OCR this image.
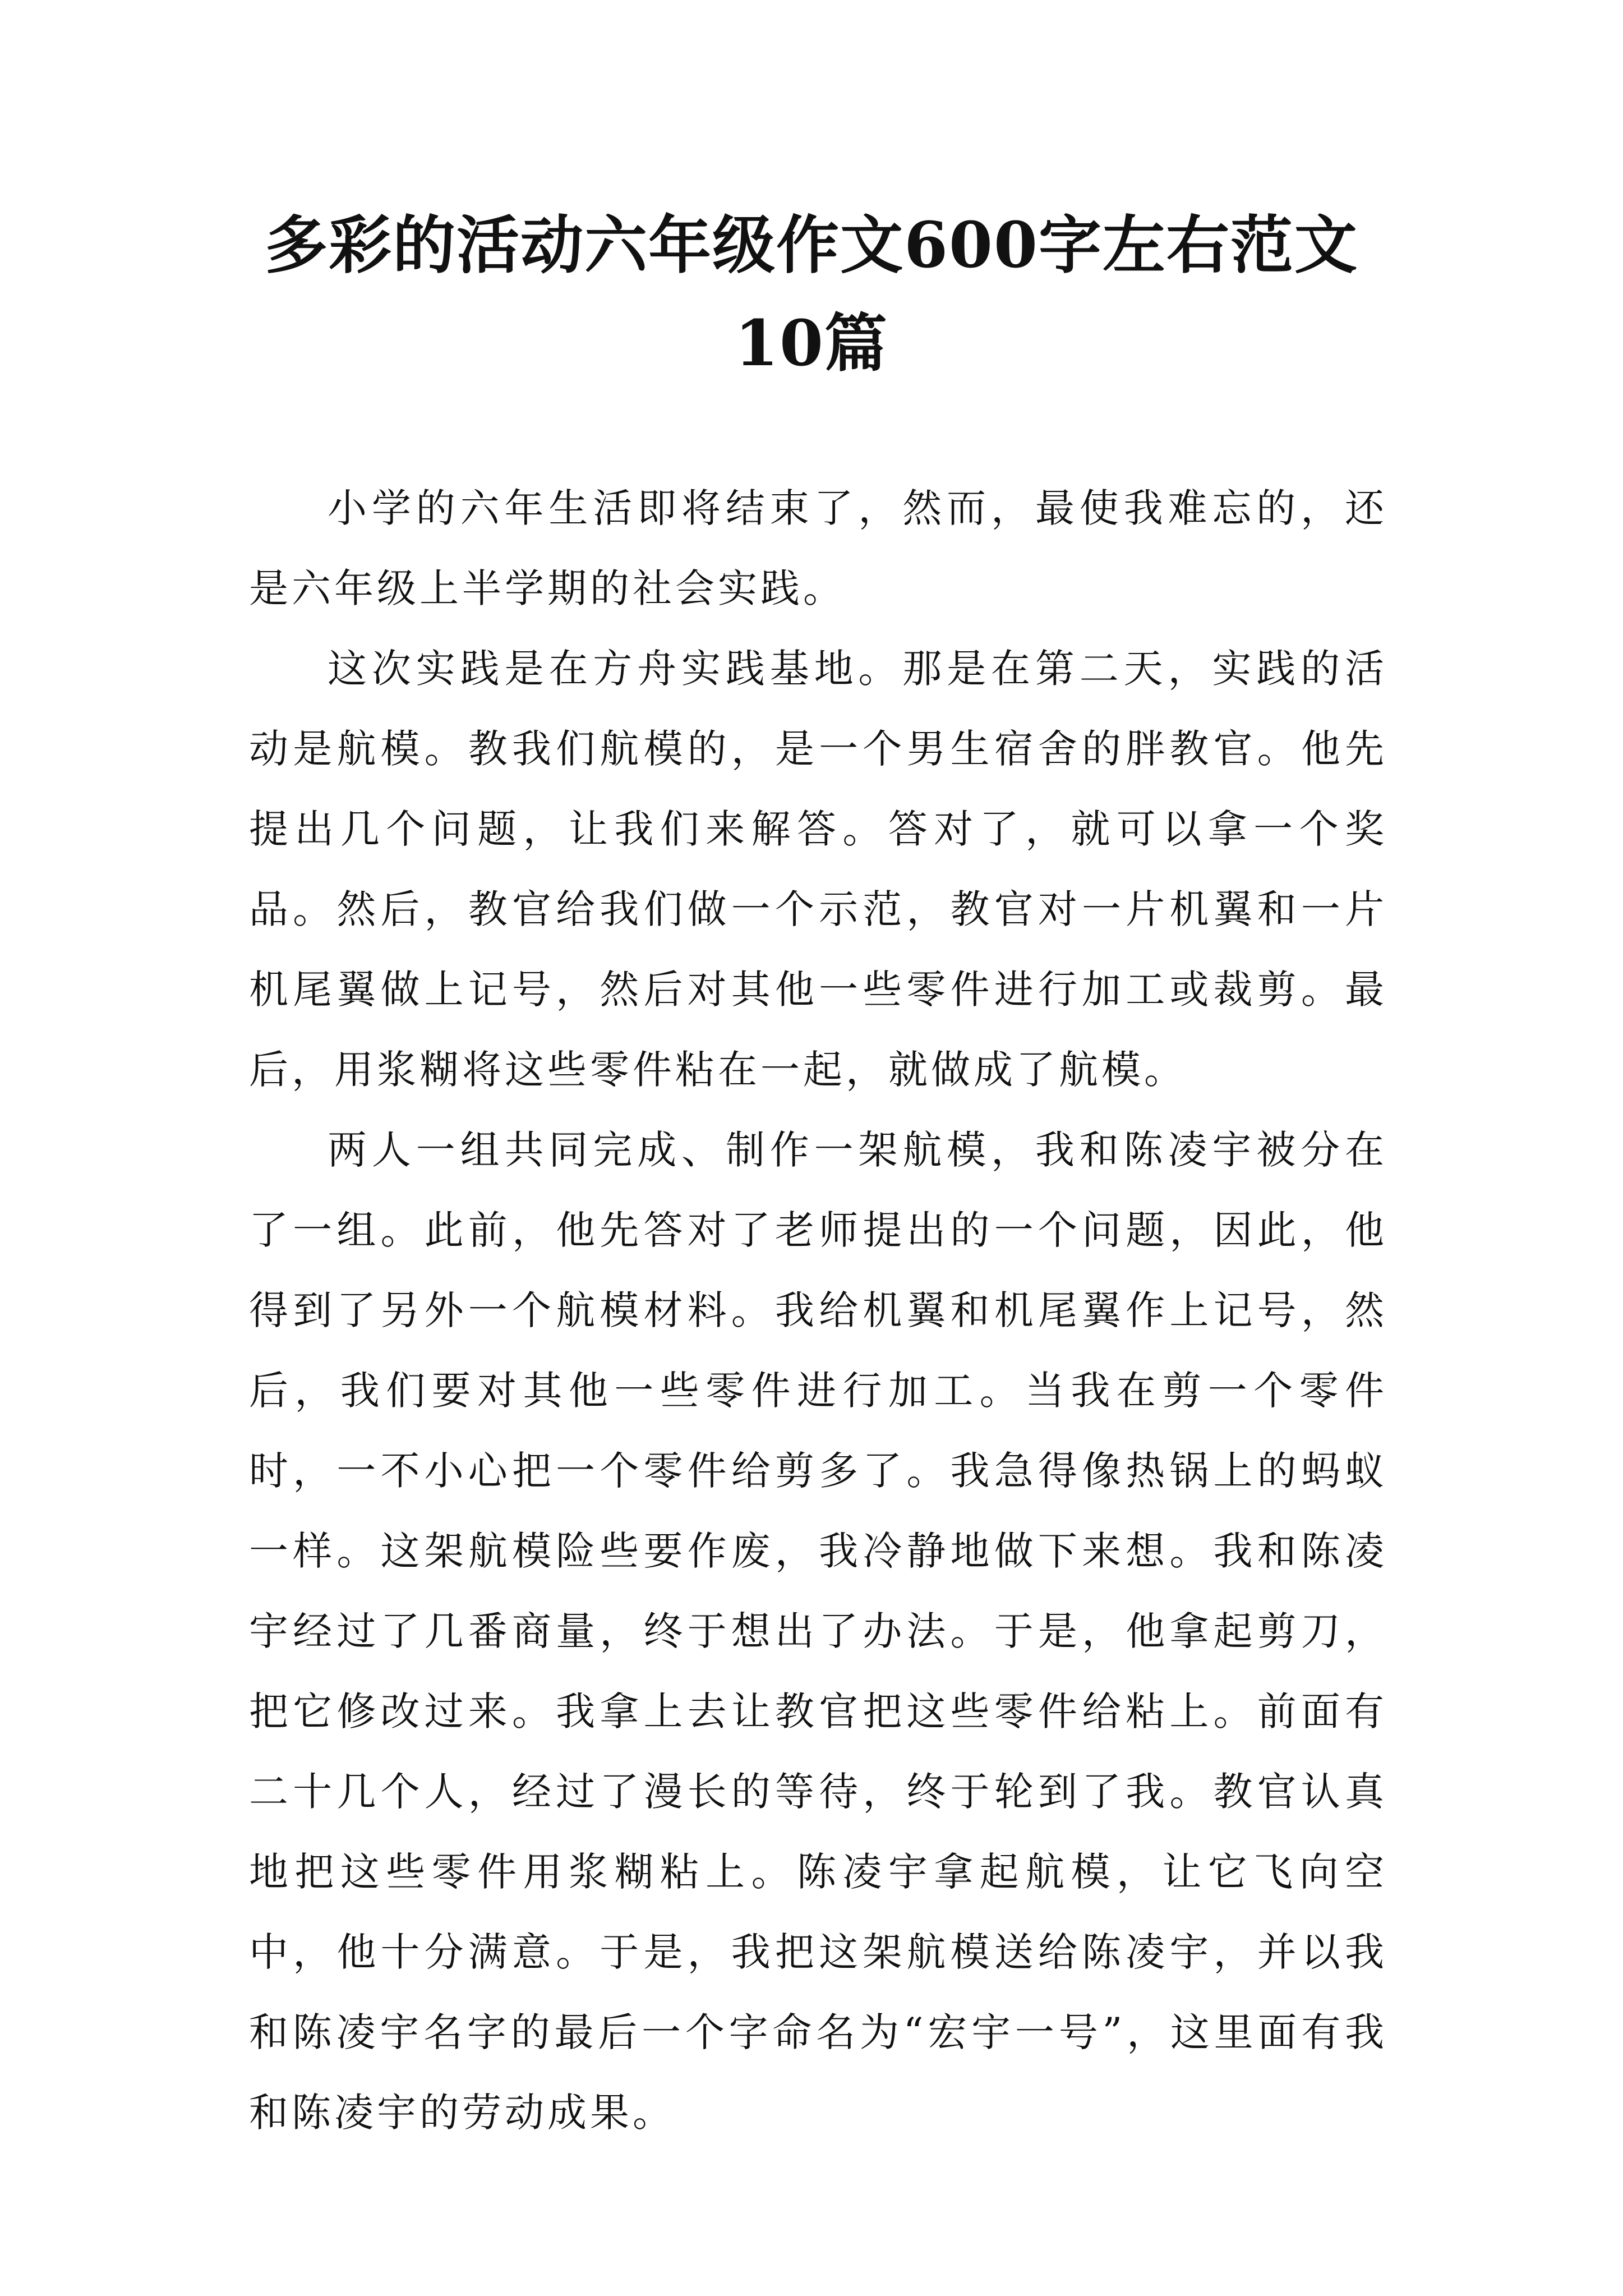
多彩的活动六年级作文600字左右范文10篇

小学的六年生活即将结束了，然而，最使我难忘的，还是六年级上半学期的社会实践。

这次实践是在方舟实践基地。那是在第二天，实践的活动是航模。教我们航模的，是一个男生宿舍的胖教官。他先提出几个问题，让我们来解答。答对了，就可以拿一个奖品。然后，教官给我们做一个示范，教官对一片机翼和一片机尾翼做上记号，然后对其他一些零件进行加工或裁剪。最后，用浆糊将这些零件粘在一起，就做成了航模。

两人一组共同完成、制作一架航模，我和陈凌宇被分在了一组。此前，他先答对了老师提出的一个问题，因此，他得到了另外一个航模材料。我给机翼和机尾翼作上记号，然后，我们要对其他一些零件进行加工。当我在剪一个零件时，一不小心把一个零件给剪多了。我急得像热锅上的蚂蚁一样。这架航模险些要作废，我冷静地做下来想。我和陈凌宇经过了几番商量，终于想出了办法。于是，他拿起剪刀，把它修改过来。我拿上去让教官把这些零件给粘上。前面有二十几个人，经过了漫长的等待，终于轮到了我。教官认真地把这些零件用浆糊粘上。陈凌宇拿起航模，让它飞向空中，他十分满意。于是，我把这架航模送给陈凌宇，并以我和陈凌宇名字的最后一个字命名为“宏宇一号”，这里面有我和陈凌宇的劳动成果。
